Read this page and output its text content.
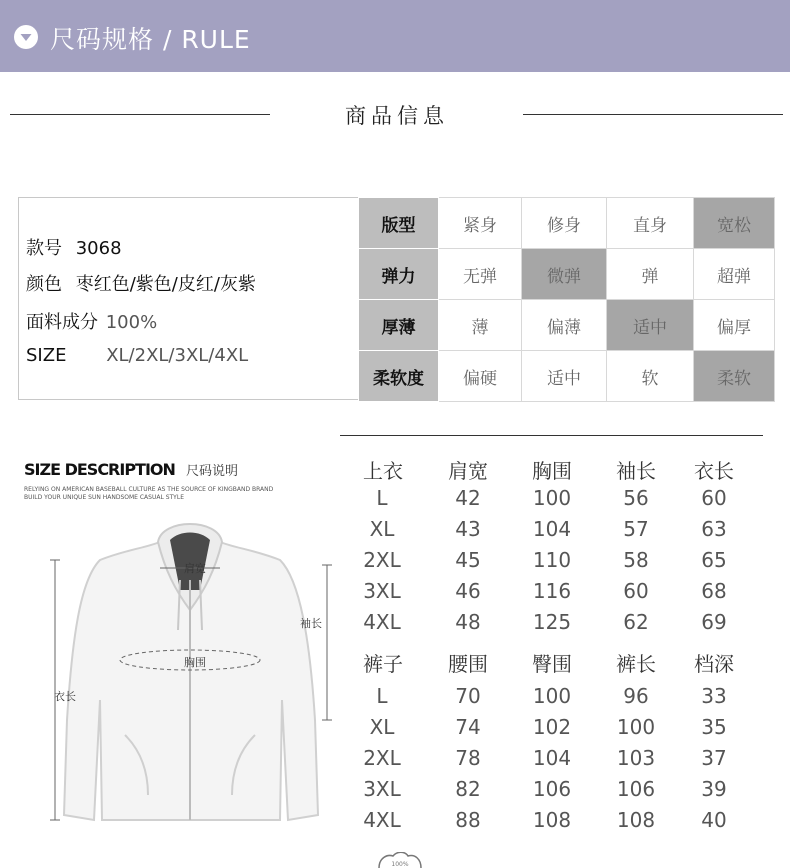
尺码规格 / RULE
商品信息
款号 3068
颜色 枣红色/紫色/皮红/灰紫
面料成分 100%
SIZE XL/2XL/3XL/4XL
版型	紧身	修身	直身	宽松
弹力	无弹	微弹	弹	超弹
厚薄	薄	偏薄	适中	偏厚
柔软度	偏硬	适中	软	柔软
SIZE DESCRIPTION 尺码说明
RELYING ON AMERICAN BASEBALL CULTURE AS THE SOURCE OF KINGBAND BRAND
BUILD YOUR UNIQUE SUN HANDSOME CASUAL STYLE
肩宽
袖长
胸围
衣长
上衣	肩宽	胸围	袖长	衣长
L	42	100	56	60
XL	43	104	57	63
2XL	45	110	58	65
3XL	46	116	60	68
4XL	48	125	62	69
裤子	腰围	臀围	裤长	档深
L	70	100	96	33
XL	74	102	100	35
2XL	78	104	103	37
3XL	82	106	106	39
4XL	88	108	108	40
100%
